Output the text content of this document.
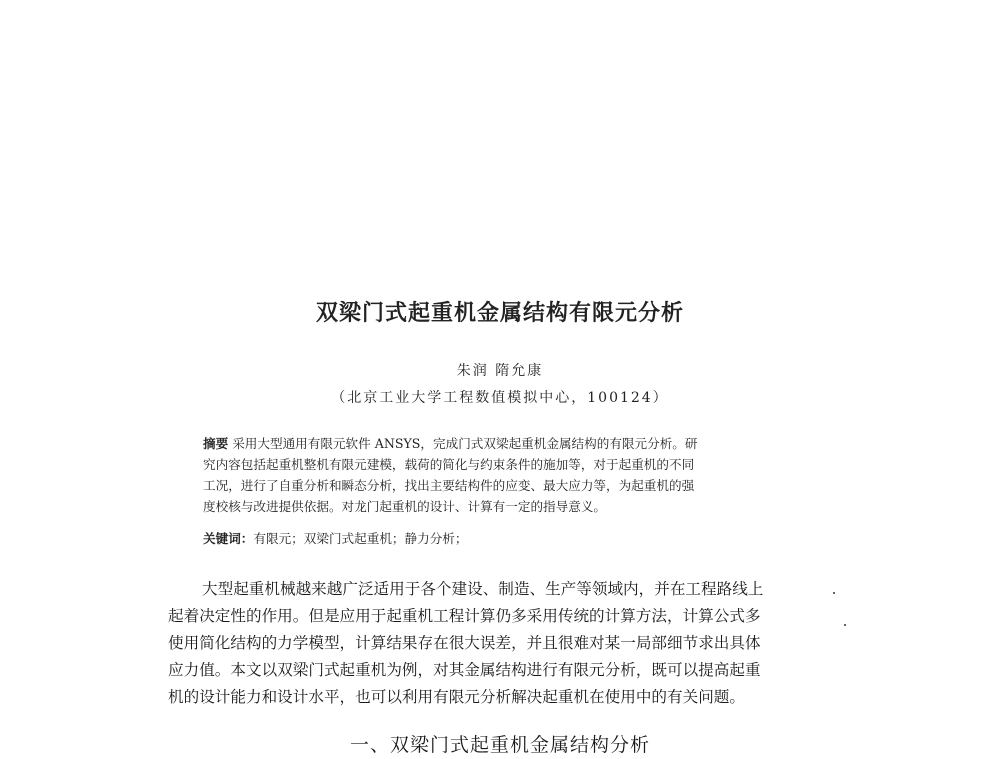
双梁门式起重机金属结构有限元分析
朱润 隋允康
（北京工业大学工程数值模拟中心，100124）
摘要 采用大型通用有限元软件 ANSYS，完成门式双梁起重机金属结构的有限元分析。研
究内容包括起重机整机有限元建模，载荷的简化与约束条件的施加等，对于起重机的不同
工况，进行了自重分析和瞬态分析，找出主要结构件的应变、最大应力等，为起重机的强
度校核与改进提供依据。对龙门起重机的设计、计算有一定的指导意义。
关键词：有限元；双梁门式起重机；静力分析；
大型起重机械越来越广泛适用于各个建设、制造、生产等领域内，并在工程路线上
起着决定性的作用。但是应用于起重机工程计算仍多采用传统的计算方法，计算公式多
使用简化结构的力学模型，计算结果存在很大误差，并且很难对某一局部细节求出具体
应力值。本文以双梁门式起重机为例，对其金属结构进行有限元分析，既可以提高起重
机的设计能力和设计水平，也可以利用有限元分析解决起重机在使用中的有关问题。
一、双梁门式起重机金属结构分析
